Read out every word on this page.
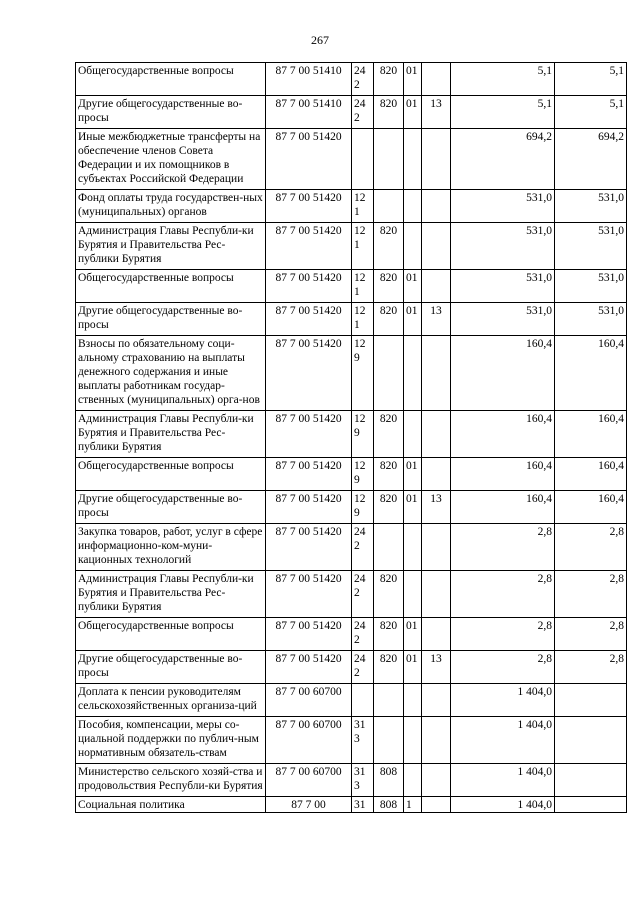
267
Общегосударственные вопросы	87 7 00 51410	242	820	01		5,1	5,1

Другие общегосударственные во-просы	87 7 00 51410	242	820	01	13	5,1	5,1

Иные межбюджетные трансферты на обеспечение членов Совета Федерации и их помощников в субъектах Российской Федерации	87 7 00 51420					694,2	694,2

Фонд оплаты труда государствен-ных (муниципальных) органов	87 7 00 51420	121				531,0	531,0

Администрация Главы Республи-ки Бурятия и Правительства Рес-публики Бурятия	87 7 00 51420	121	820			531,0	531,0

Общегосударственные вопросы	87 7 00 51420	121	820	01		531,0	531,0

Другие общегосударственные во-просы	87 7 00 51420	121	820	01	13	531,0	531,0

Взносы по обязательному соци-альному страхованию на выплаты денежного содержания и иные выплаты работникам государ-ственных (муниципальных) орга-нов	87 7 00 51420	129				160,4	160,4

Администрация Главы Республи-ки Бурятия и Правительства Рес-публики Бурятия	87 7 00 51420	129	820			160,4	160,4

Общегосударственные вопросы	87 7 00 51420	129	820	01		160,4	160,4

Другие общегосударственные во-просы	87 7 00 51420	129	820	01	13	160,4	160,4

Закупка товаров, работ, услуг в сфере информационно-ком-муни-кационных технологий	87 7 00 51420	242				2,8	2,8

Администрация Главы Республи-ки Бурятия и Правительства Рес-публики Бурятия	87 7 00 51420	242	820			2,8	2,8

Общегосударственные вопросы	87 7 00 51420	242	820	01		2,8	2,8

Другие общегосударственные во-просы	87 7 00 51420	242	820	01	13	2,8	2,8

Доплата к пенсии руководителям сельскохозяйственных организа-ций	87 7 00 60700					1 404,0	

Пособия, компенсации, меры со-циальной поддержки по публич-ным нормативным обязатель-ствам	87 7 00 60700	313				1 404,0	

Министерство сельского хозяй-ства и продовольствия Республи-ки Бурятия	87 7 00 60700	313	808			1 404,0	

Социальная политика	87 7 00	31	808	1		1 404,0	
